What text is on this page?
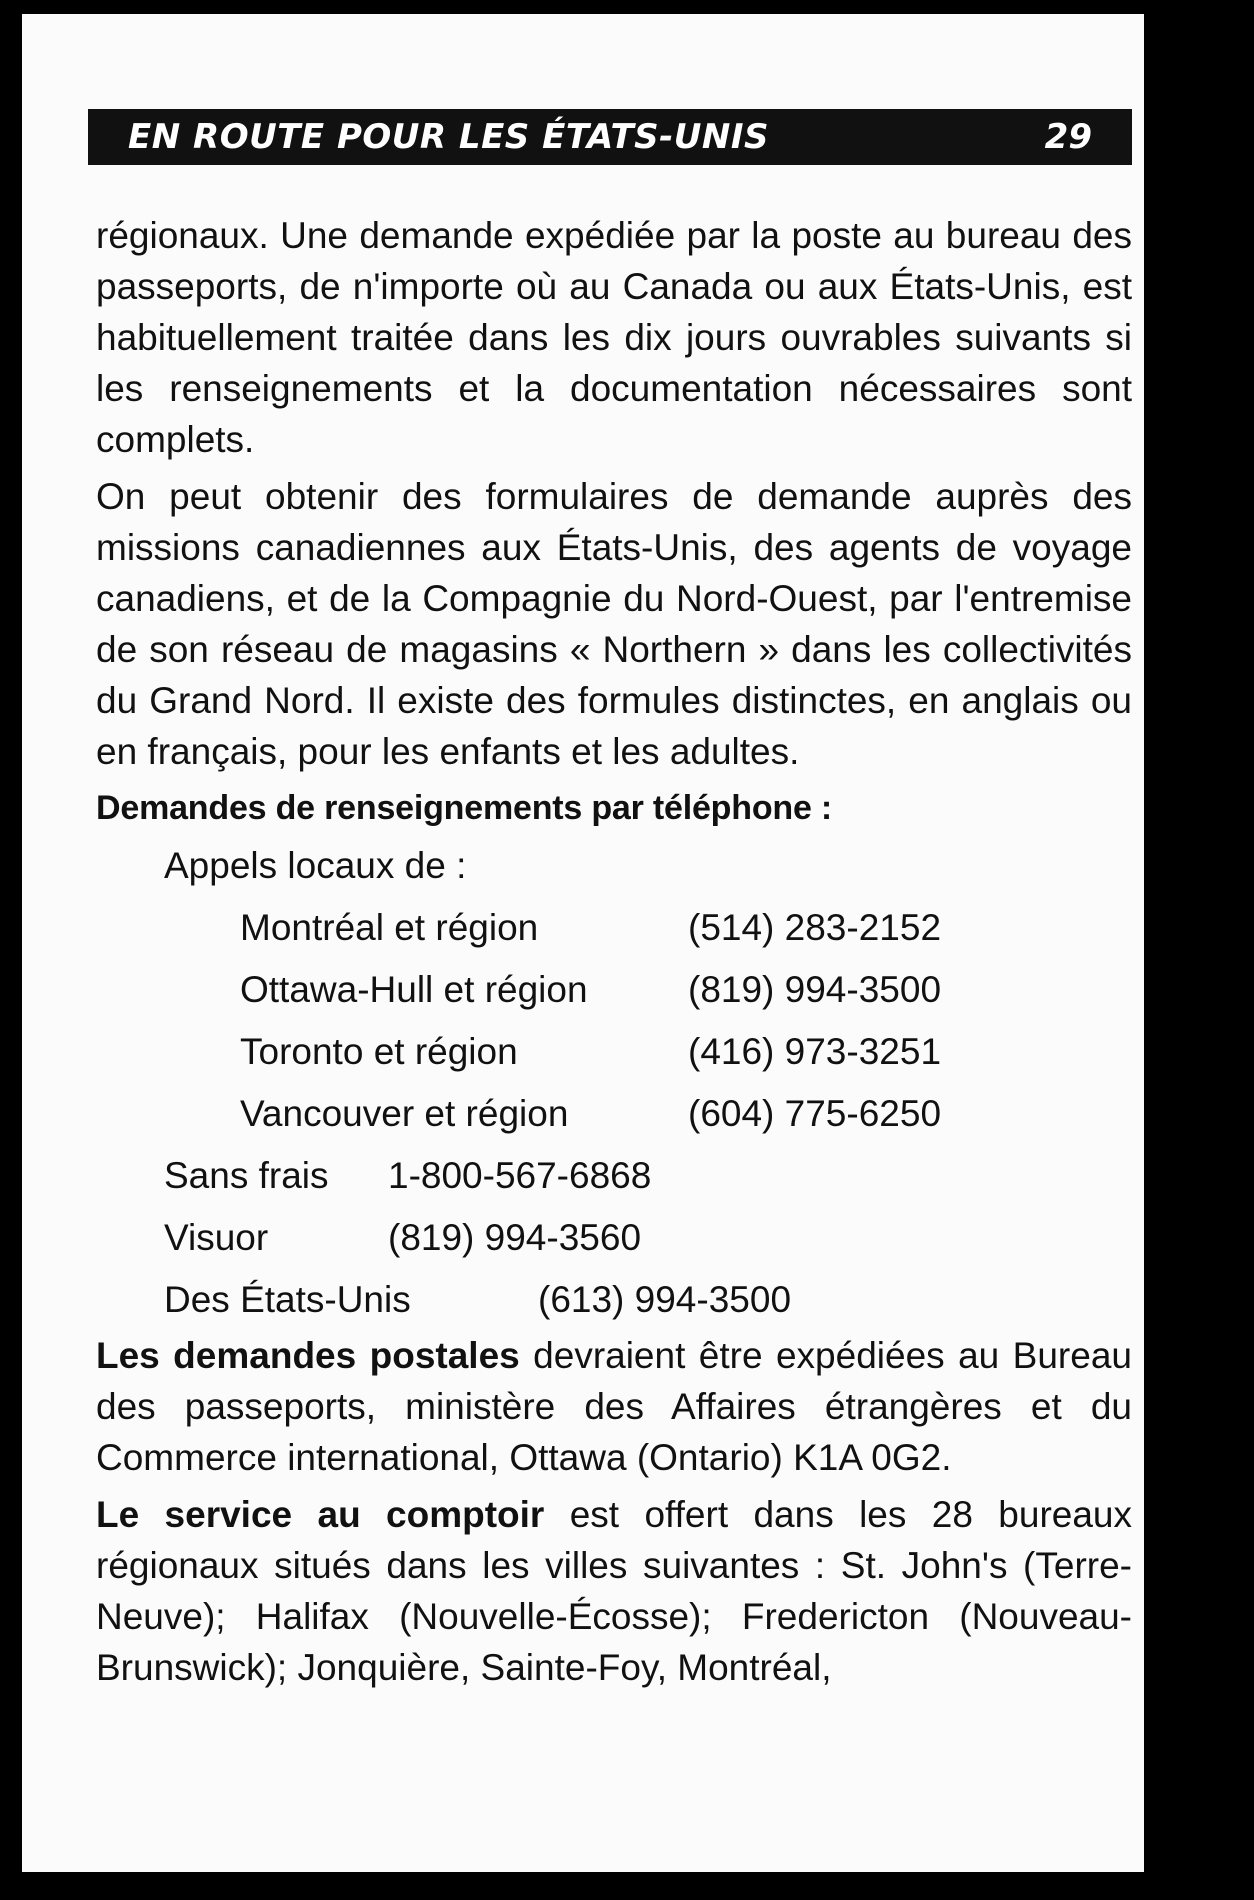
EN ROUTE POUR LES ÉTATS-UNIS	29

régionaux. Une demande expédiée par la poste au bureau des passeports, de n'importe où au Canada ou aux États-Unis, est habituellement traitée dans les dix jours ouvrables suivants si les renseignements et la documentation nécessaires sont complets.

On peut obtenir des formulaires de demande auprès des missions canadiennes aux États-Unis, des agents de voyage canadiens, et de la Compagnie du Nord-Ouest, par l'entremise de son réseau de magasins « Northern » dans les collectivités du Grand Nord. Il existe des formules distinctes, en anglais ou en français, pour les enfants et les adultes.

Demandes de renseignements par téléphone :

Appels locaux de :
Montréal et région	(514) 283-2152
Ottawa-Hull et région	(819) 994-3500
Toronto et région	(416) 973-3251
Vancouver et région	(604) 775-6250
Sans frais	1-800-567-6868
Visuor	(819) 994-3560
Des États-Unis	(613) 994-3500

Les demandes postales devraient être expédiées au Bureau des passeports, ministère des Affaires étrangères et du Commerce international, Ottawa (Ontario) K1A 0G2.

Le service au comptoir est offert dans les 28 bureaux régionaux situés dans les villes suivantes : St. John's (Terre-Neuve); Halifax (Nouvelle-Écosse); Fredericton (Nouveau-Brunswick); Jonquière, Sainte-Foy, Montréal,
